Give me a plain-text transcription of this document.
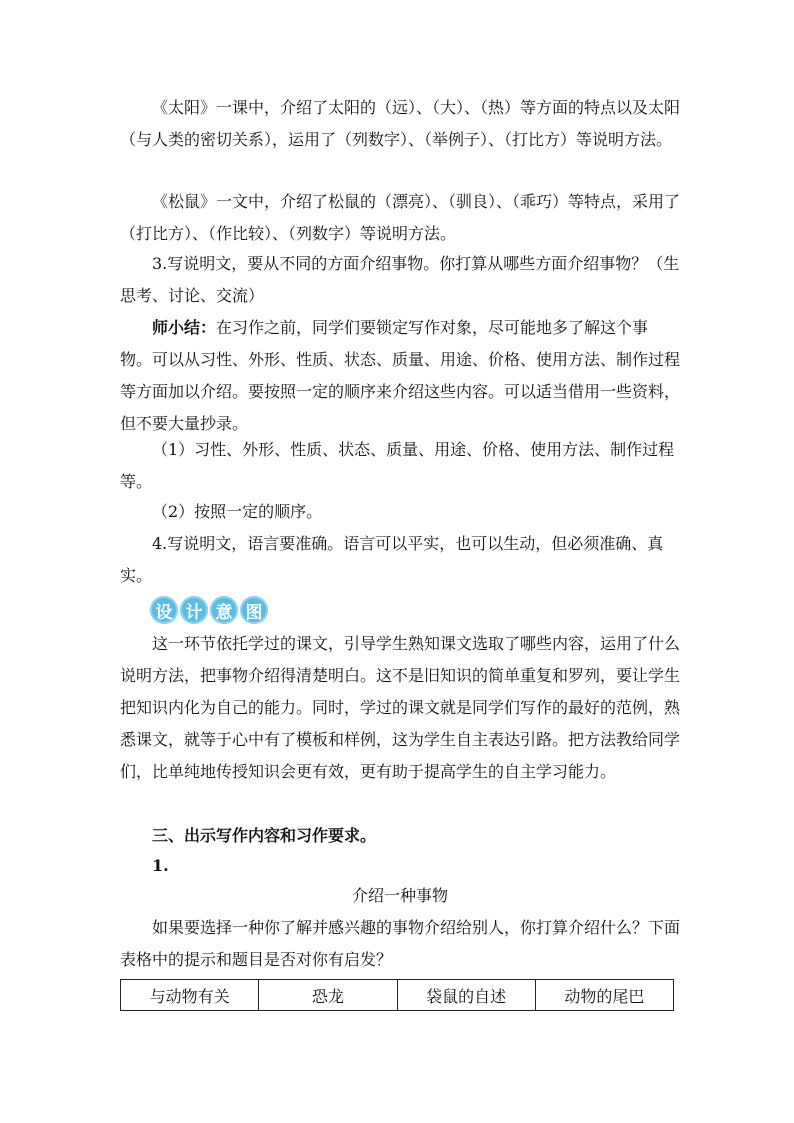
《太阳》一课中，介绍了太阳的（远）、（大）、（热）等方面的特点以及太阳（与人类的密切关系），运用了（列数字）、（举例子）、（打比方）等说明方法。

《松鼠》一文中，介绍了松鼠的（漂亮）、（驯良）、（乖巧）等特点，采用了（打比方）、（作比较）、（列数字）等说明方法。

3.写说明文，要从不同的方面介绍事物。你打算从哪些方面介绍事物？（生思考、讨论、交流）

师小结：在习作之前，同学们要锁定写作对象，尽可能地多了解这个事物。可以从习性、外形、性质、状态、质量、用途、价格、使用方法、制作过程等方面加以介绍。要按照一定的顺序来介绍这些内容。可以适当借用一些资料，但不要大量抄录。

（1）习性、外形、性质、状态、质量、用途、价格、使用方法、制作过程等。

（2）按照一定的顺序。

4.写说明文，语言要准确。语言可以平实，也可以生动，但必须准确、真实。

设 计 意 图

这一环节依托学过的课文，引导学生熟知课文选取了哪些内容，运用了什么说明方法，把事物介绍得清楚明白。这不是旧知识的简单重复和罗列，要让学生把知识内化为自己的能力。同时，学过的课文就是同学们写作的最好的范例，熟悉课文，就等于心中有了模板和样例，这为学生自主表达引路。把方法教给同学们，比单纯地传授知识会更有效，更有助于提高学生的自主学习能力。

三、出示写作内容和习作要求。

1.

介绍一种事物

如果要选择一种你了解并感兴趣的事物介绍给别人，你打算介绍什么？下面表格中的提示和题目是否对你有启发？

与动物有关	恐龙	袋鼠的自述	动物的尾巴
